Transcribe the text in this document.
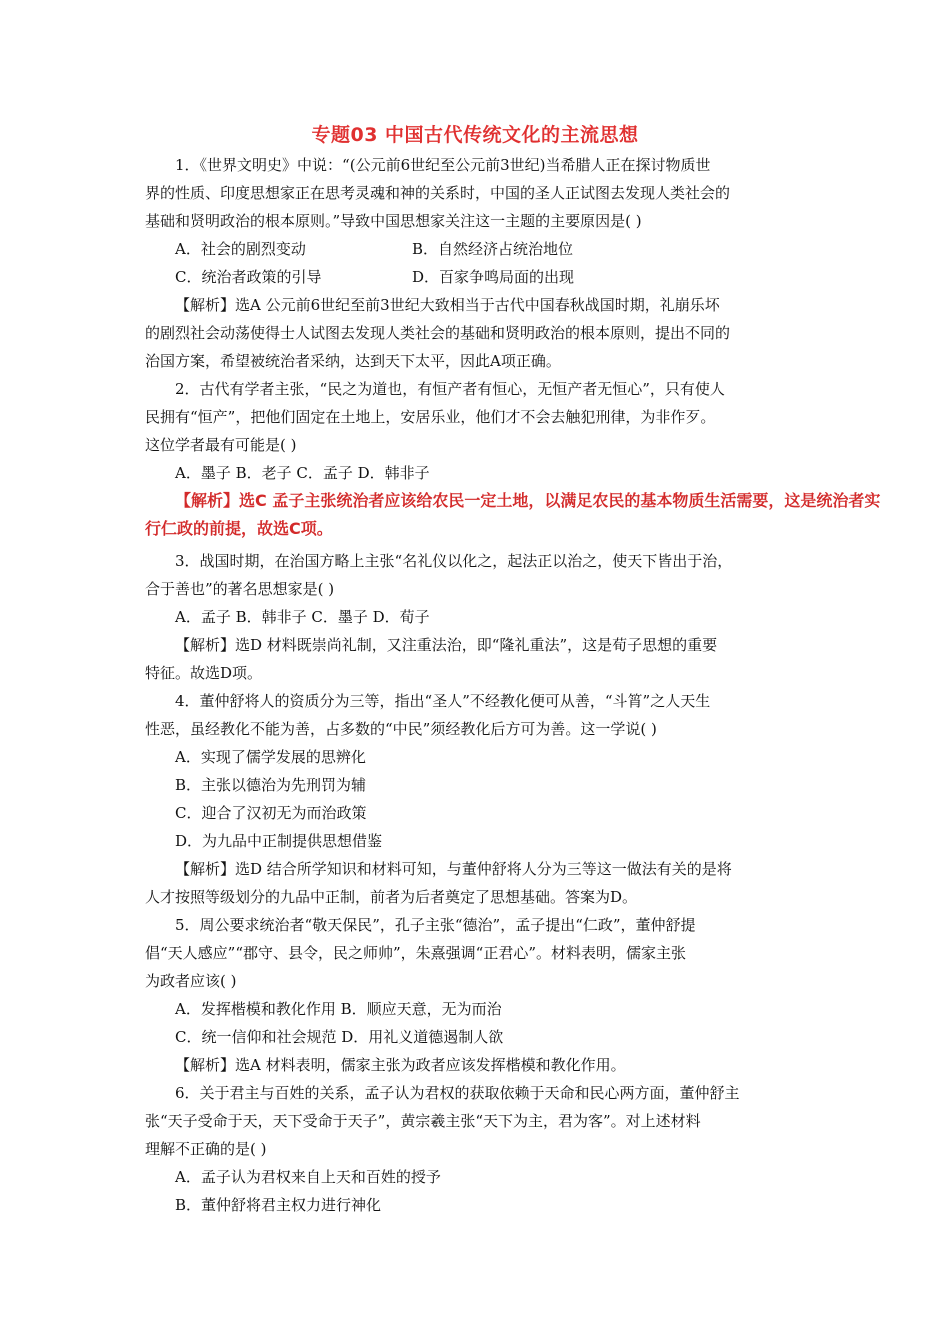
专题03 中国古代传统文化的主流思想
1．《世界文明史》中说：“(公元前6世纪至公元前3世纪)当希腊人正在探讨物质世
界的性质、印度思想家正在思考灵魂和神的关系时，中国的圣人正试图去发现人类社会的
基础和贤明政治的根本原则。”导致中国思想家关注这一主题的主要原因是( )
A．社会的剧烈变动	B．自然经济占统治地位
C．统治者政策的引导	D．百家争鸣局面的出现
【解析】选A 公元前6世纪至前3世纪大致相当于古代中国春秋战国时期，礼崩乐坏
的剧烈社会动荡使得士人试图去发现人类社会的基础和贤明政治的根本原则，提出不同的
治国方案，希望被统治者采纳，达到天下太平，因此A项正确。
2．古代有学者主张，“民之为道也，有恒产者有恒心，无恒产者无恒心”，只有使人
民拥有“恒产”，把他们固定在土地上，安居乐业，他们才不会去触犯刑律，为非作歹。
这位学者最有可能是( )
A．墨子 B．老子 C．孟子 D．韩非子
【解析】选C 孟子主张统治者应该给农民一定土地，以满足农民的基本物质生活需要，这是统治者实
行仁政的前提，故选C项。
3．战国时期，在治国方略上主张“名礼仪以化之，起法正以治之，使天下皆出于治，
合于善也”的著名思想家是( )
A．孟子 B．韩非子 C．墨子 D．荀子
【解析】选D 材料既崇尚礼制，又注重法治，即“隆礼重法”，这是荀子思想的重要
特征。故选D项。
4．董仲舒将人的资质分为三等，指出“圣人”不经教化便可从善，“斗筲”之人天生
性恶，虽经教化不能为善，占多数的“中民”须经教化后方可为善。这一学说( )
A．实现了儒学发展的思辨化
B．主张以德治为先刑罚为辅
C．迎合了汉初无为而治政策
D．为九品中正制提供思想借鉴
【解析】选D 结合所学知识和材料可知，与董仲舒将人分为三等这一做法有关的是将
人才按照等级划分的九品中正制，前者为后者奠定了思想基础。答案为D。
5．周公要求统治者“敬天保民”，孔子主张“德治”，孟子提出“仁政”，董仲舒提
倡“天人感应”“郡守、县令，民之师帅”，朱熹强调“正君心”。材料表明，儒家主张
为政者应该( )
A．发挥楷模和教化作用 B．顺应天意，无为而治
C．统一信仰和社会规范 D．用礼义道德遏制人欲
【解析】选A 材料表明，儒家主张为政者应该发挥楷模和教化作用。
6．关于君主与百姓的关系，孟子认为君权的获取依赖于天命和民心两方面，董仲舒主
张“天子受命于天，天下受命于天子”，黄宗羲主张“天下为主，君为客”。对上述材料
理解不正确的是( )
A．孟子认为君权来自上天和百姓的授予
B．董仲舒将君主权力进行神化
